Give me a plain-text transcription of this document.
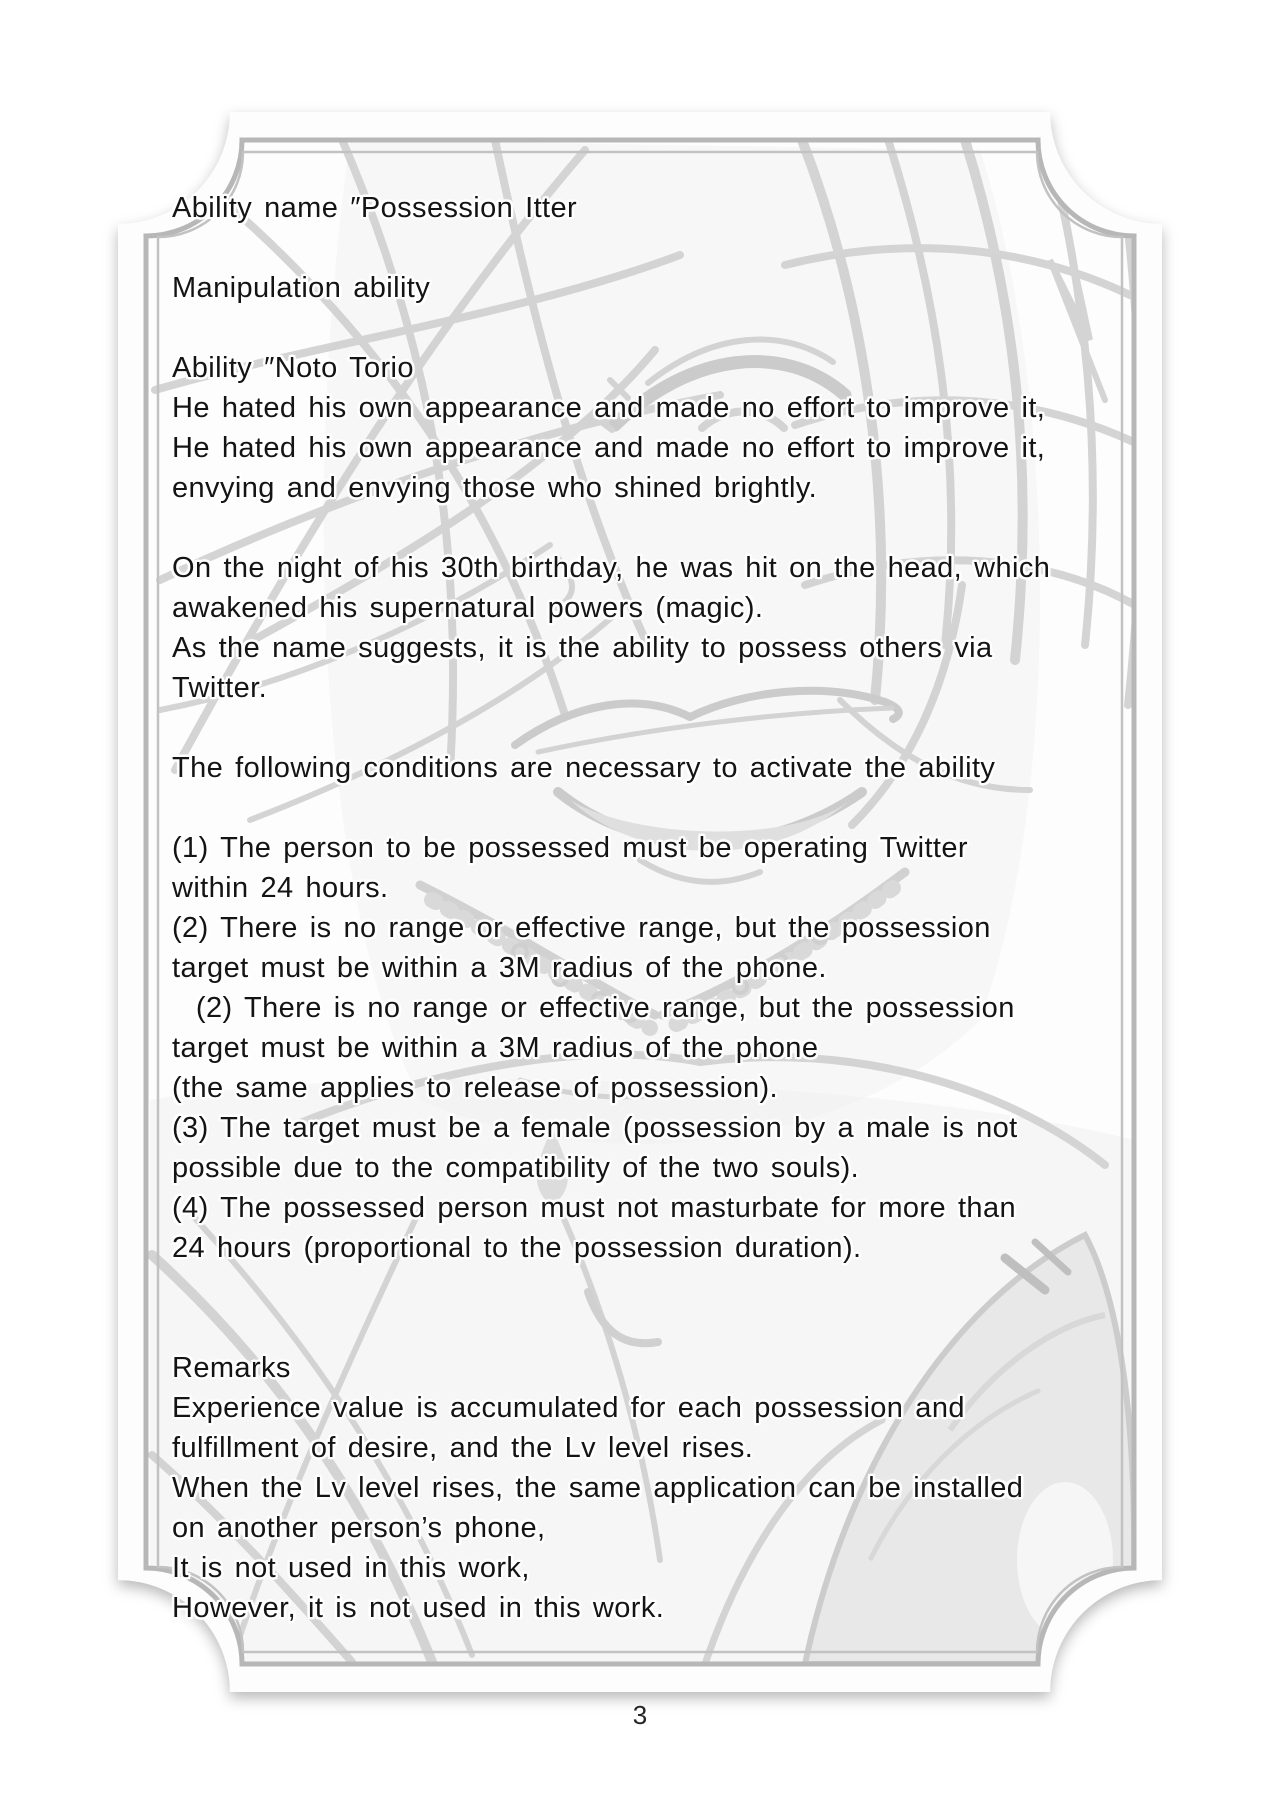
Ability name ″Possession Itter
Manipulation ability
Ability ″Noto Torio
He hated his own appearance and made no effort to improve it,
He hated his own appearance and made no effort to improve it,
envying and envying those who shined brightly.
On the night of his 30th birthday, he was hit on the head, which
awakened his supernatural powers (magic).
As the name suggests, it is the ability to possess others via
Twitter.
The following conditions are necessary to activate the ability
(1) The person to be possessed must be operating Twitter
within 24 hours.
(2) There is no range or effective range, but the possession
target must be within a 3M radius of the phone.
(2) There is no range or effective range, but the possession
target must be within a 3M radius of the phone
(the same applies to release of possession).
(3) The target must be a female (possession by a male is not
possible due to the compatibility of the two souls).
(4) The possessed person must not masturbate for more than
24 hours (proportional to the possession duration).
Remarks
Experience value is accumulated for each possession and
fulfillment of desire, and the Lv level rises.
When the Lv level rises, the same application can be installed
on another person’s phone,
It is not used in this work,
However, it is not used in this work.
3
